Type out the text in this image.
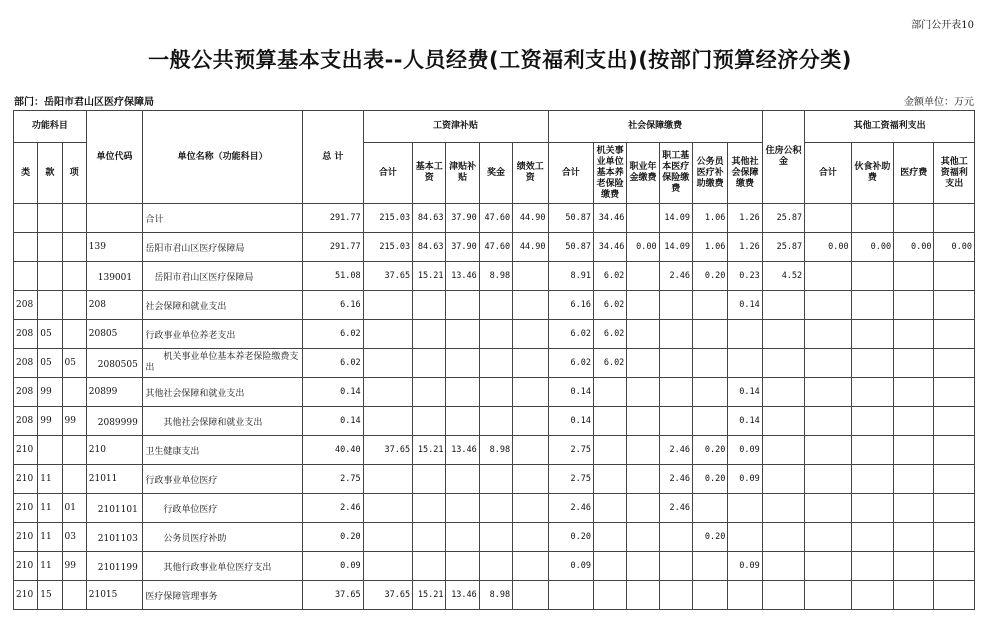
部门公开表10
一般公共预算基本支出表--人员经费(工资福利支出)(按部门预算经济分类)
部门：岳阳市君山区医疗保障局	金额单位：万元
功能科目			单位代码	单位名称（功能科目）	总 计	工资津补贴					社会保障缴费						住房公积金	其他工资福利支出			
类	款	项				合计	基本工资	津贴补贴	奖金	绩效工资	合计	机关事业单位基本养老保险缴费	职业年金缴费	职工基本医疗保险缴费	公务员医疗补助缴费	其他社会保障缴费		合计	伙食补助费	医疗费	其他工资福利支出
				合计	291.77	215.03	84.63	37.90	47.60	44.90	50.87	34.46		14.09	1.06	1.26	25.87				
			139	岳阳市君山区医疗保障局	291.77	215.03	84.63	37.90	47.60	44.90	50.87	34.46	0.00	14.09	1.06	1.26	25.87	0.00	0.00	0.00	0.00
			　139001	　岳阳市君山区医疗保障局	51.08	37.65	15.21	13.46	8.98		8.91	6.02		2.46	0.20	0.23	4.52				
208			208	社会保障和就业支出	6.16						6.16	6.02				0.14					
208	05		20805	行政事业单位养老支出	6.02						6.02	6.02									
208	05	05	　2080505	　　机关事业单位基本养老保险缴费支出	6.02						6.02	6.02									
208	99		20899	其他社会保障和就业支出	0.14						0.14					0.14					
208	99	99	　2089999	　　其他社会保障和就业支出	0.14						0.14					0.14					
210			210	卫生健康支出	40.40	37.65	15.21	13.46	8.98		2.75			2.46	0.20	0.09					
210	11		21011	行政事业单位医疗	2.75						2.75			2.46	0.20	0.09					
210	11	01	　2101101	　　行政单位医疗	2.46						2.46			2.46							
210	11	03	　2101103	　　公务员医疗补助	0.20						0.20				0.20						
210	11	99	　2101199	　　其他行政事业单位医疗支出	0.09						0.09					0.09					
210	15		21015	医疗保障管理事务	37.65	37.65	15.21	13.46	8.98												
